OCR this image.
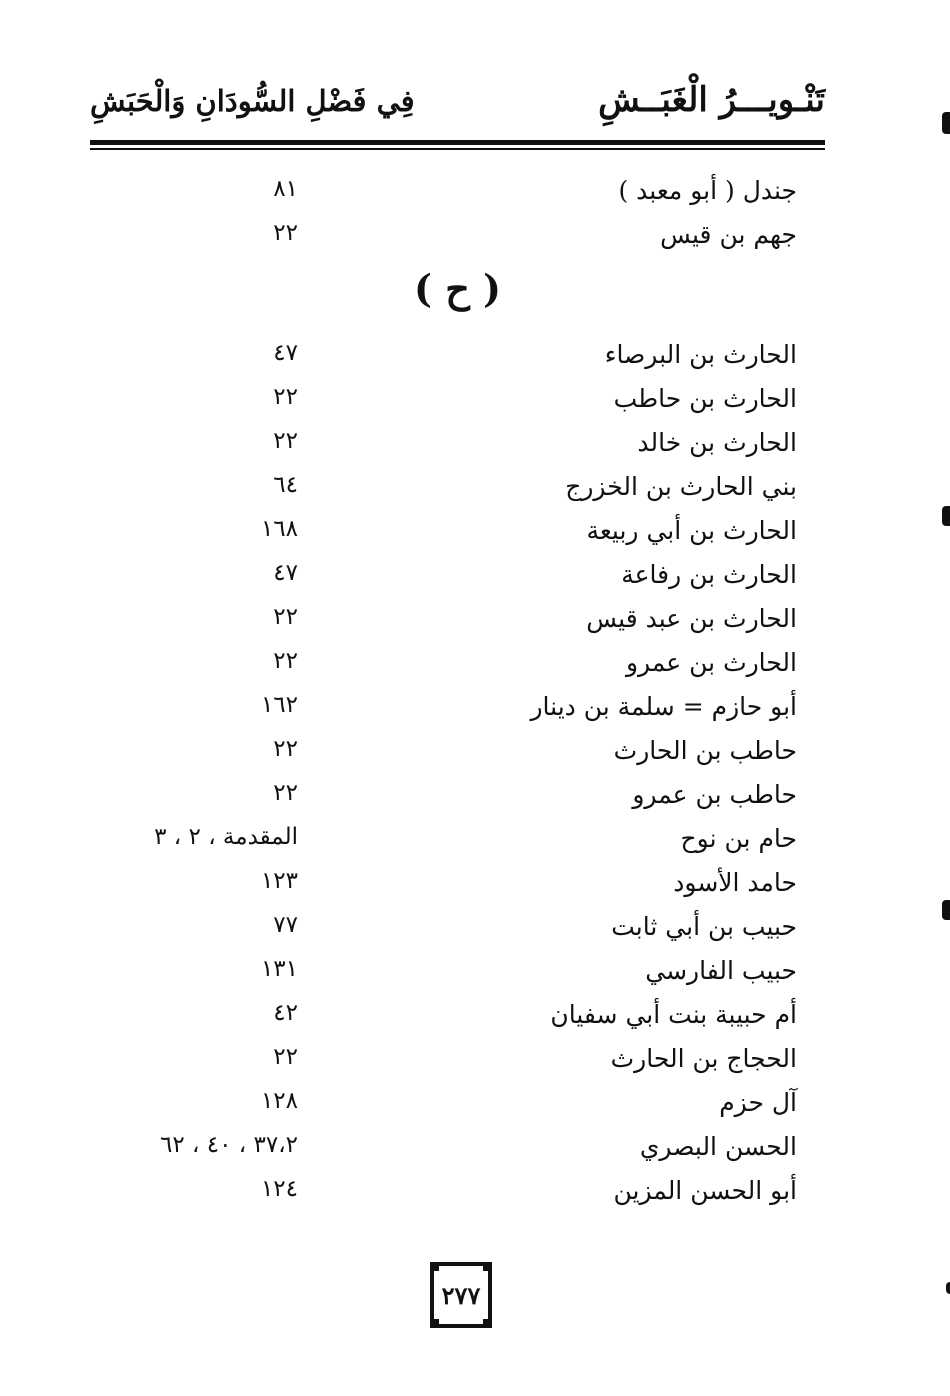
تَنْـويـــرُ الْغَبَــشِ
فِي فَضْلِ السُّودَانِ وَالْحَبَشِ
جندل ( أبو معبد )
٨١
جهم بن قيس
٢٢
( ح )
الحارث بن البرصاء
٤٧
الحارث بن حاطب
٢٢
الحارث بن خالد
٢٢
بني الحارث بن الخزرج
٦٤
الحارث بن أبي ربيعة
١٦٨
الحارث بن رفاعة
٤٧
الحارث بن عبد قيس
٢٢
الحارث بن عمرو
٢٢
أبو حازم = سلمة بن دينار
١٦٢
حاطب بن الحارث
٢٢
حاطب بن عمرو
٢٢
حام بن نوح
المقدمة ، ٢ ، ٣
حامد الأسود
١٢٣
حبيب بن أبي ثابت
٧٧
حبيب الفارسي
١٣١
أم حبيبة بنت أبي سفيان
٤٢
الحجاج بن الحارث
٢٢
آل حزم
١٢٨
الحسن البصري
٣٧،٢ ، ٤٠ ، ٦٢
أبو الحسن المزين
١٢٤
٢٧٧
